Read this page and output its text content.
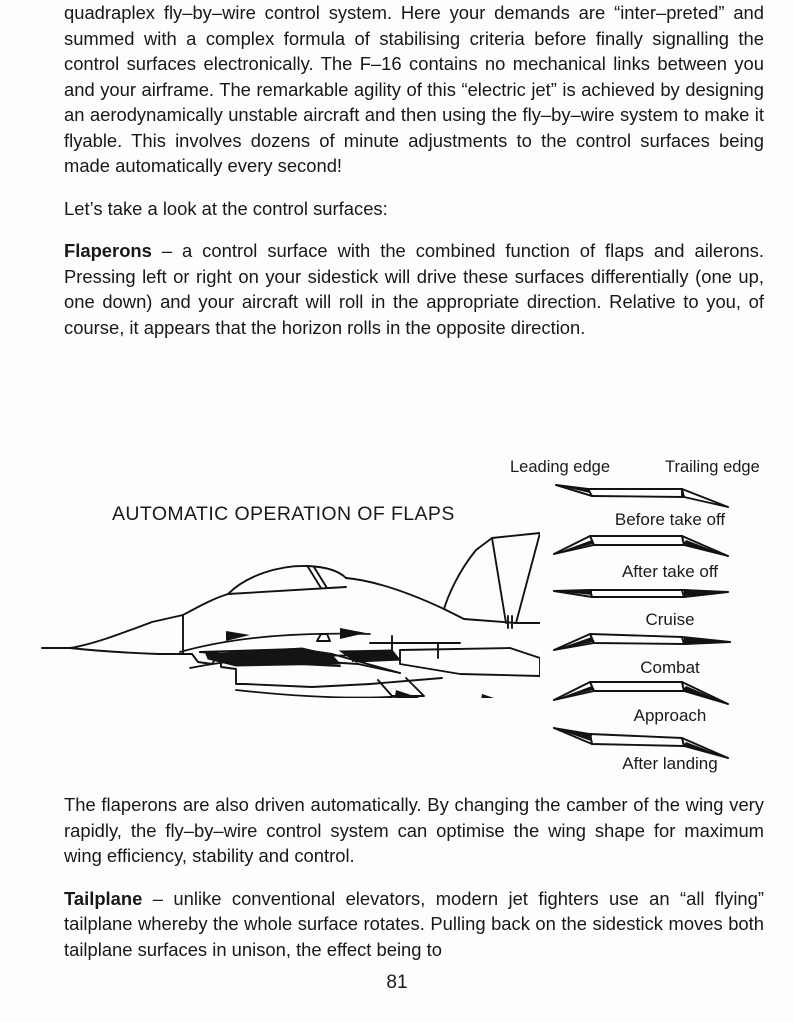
quadraplex fly–by–wire control system. Here your demands are “inter–preted” and summed with a complex formula of stabilising criteria before finally signalling the control surfaces electronically. The F–16 contains no mechanical links between you and your airframe. The remarkable agility of this “electric jet” is achieved by designing an aerodynamically unstable aircraft and then using the fly–by–wire system to make it flyable. This involves dozens of minute adjustments to the control surfaces being made automatically every second!

Let’s take a look at the control surfaces:

Flaperons – a control surface with the combined function of flaps and ailerons. Pressing left or right on your sidestick will drive these surfaces differentially (one up, one down) and your aircraft will roll in the appropriate direction. Relative to you, of course, it appears that the horizon rolls in the opposite direction.

AUTOMATIC OPERATION OF FLAPS
Leading edge	Trailing edge
Before take off
After take off
Cruise
Combat
Approach
After landing

The flaperons are also driven automatically. By changing the camber of the wing very rapidly, the fly–by–wire control system can optimise the wing shape for maximum wing efficiency, stability and control.

Tailplane – unlike conventional elevators, modern jet fighters use an “all flying” tailplane whereby the whole surface rotates. Pulling back on the sidestick moves both tailplane surfaces in unison, the effect being to

81
